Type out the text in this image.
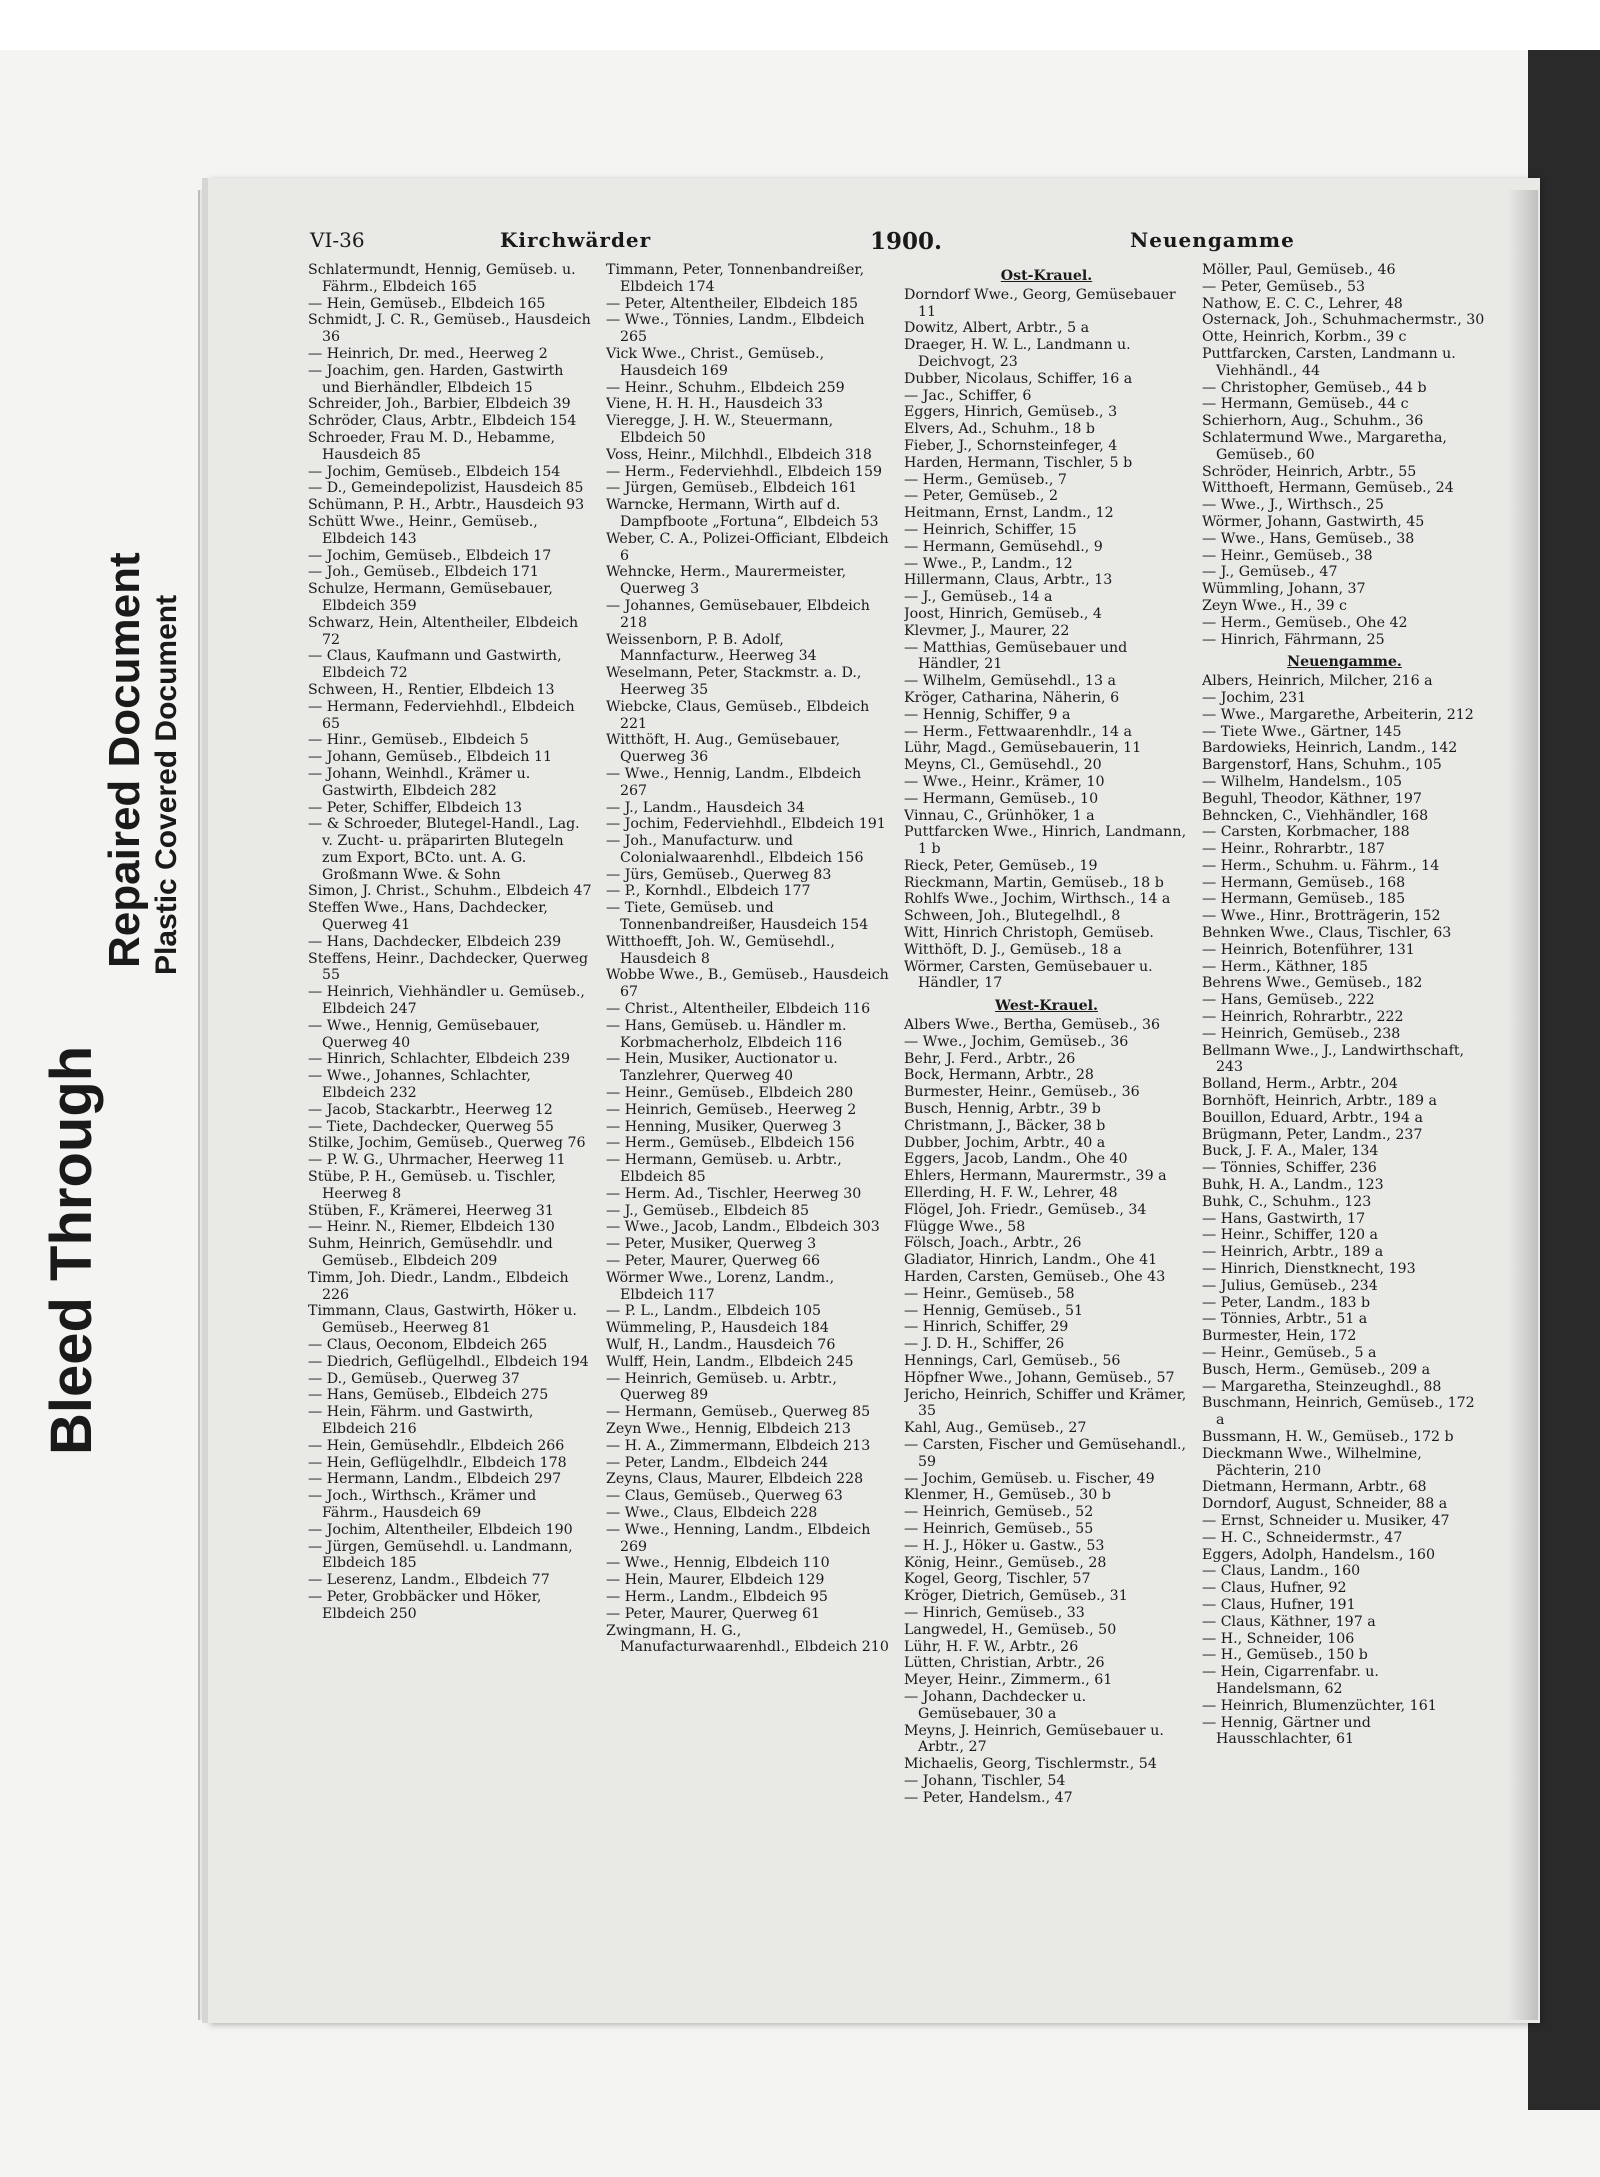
Bleed Through
Repaired Document Plastic Covered Document
VI-36	Kirchwärder	1900.	Neuengamme

Schlatermundt, Hennig, Gemüseb. u. Fährm., Elbdeich 165

— Hein, Gemüseb., Elbdeich 165

Schmidt, J. C. R., Gemüseb., Hausdeich 36

— Heinrich, Dr. med., Heerweg 2

— Joachim, gen. Harden, Gastwirth und Bierhändler, Elbdeich 15

Schreider, Joh., Barbier, Elbdeich 39

Schröder, Claus, Arbtr., Elbdeich 154

Schroeder, Frau M. D., Hebamme, Hausdeich 85

— Jochim, Gemüseb., Elbdeich 154

— D., Gemeindepolizist, Hausdeich 85

Schümann, P. H., Arbtr., Hausdeich 93

Schütt Wwe., Heinr., Gemüseb., Elbdeich 143

— Jochim, Gemüseb., Elbdeich 17

— Joh., Gemüseb., Elbdeich 171

Schulze, Hermann, Gemüsebauer, Elbdeich 359

Schwarz, Hein, Altentheiler, Elbdeich 72

— Claus, Kaufmann und Gastwirth, Elbdeich 72

Schween, H., Rentier, Elbdeich 13

— Hermann, Federviehhdl., Elbdeich 65

— Hinr., Gemüseb., Elbdeich 5

— Johann, Gemüseb., Elbdeich 11

— Johann, Weinhdl., Krämer u. Gastwirth, Elbdeich 282

— Peter, Schiffer, Elbdeich 13

— & Schroeder, Blutegel-Handl., Lag. v. Zucht- u. präparirten Blutegeln zum Export, BCto. unt. A. G. Großmann Wwe. & Sohn

Simon, J. Christ., Schuhm., Elbdeich 47

Steffen Wwe., Hans, Dachdecker, Querweg 41

— Hans, Dachdecker, Elbdeich 239

Steffens, Heinr., Dachdecker, Querweg 55

— Heinrich, Viehhändler u. Gemüseb., Elbdeich 247

— Wwe., Hennig, Gemüsebauer, Querweg 40

— Hinrich, Schlachter, Elbdeich 239

— Wwe., Johannes, Schlachter, Elbdeich 232

— Jacob, Stackarbtr., Heerweg 12

— Tiete, Dachdecker, Querweg 55

Stilke, Jochim, Gemüseb., Querweg 76

— P. W. G., Uhrmacher, Heerweg 11

Stübe, P. H., Gemüseb. u. Tischler, Heerweg 8

Stüben, F., Krämerei, Heerweg 31

— Heinr. N., Riemer, Elbdeich 130

Suhm, Heinrich, Gemüsehdlr. und Gemüseb., Elbdeich 209

Timm, Joh. Diedr., Landm., Elbdeich 226

Timmann, Claus, Gastwirth, Höker u. Gemüseb., Heerweg 81

— Claus, Oeconom, Elbdeich 265

— Diedrich, Geflügelhdl., Elbdeich 194

— D., Gemüseb., Querweg 37

— Hans, Gemüseb., Elbdeich 275

— Hein, Fährm. und Gastwirth, Elbdeich 216

— Hein, Gemüsehdlr., Elbdeich 266

— Hein, Geflügelhdlr., Elbdeich 178

— Hermann, Landm., Elbdeich 297

— Joch., Wirthsch., Krämer und Fährm., Hausdeich 69

— Jochim, Altentheiler, Elbdeich 190

— Jürgen, Gemüsehdl. u. Landmann, Elbdeich 185

— Leserenz, Landm., Elbdeich 77

— Peter, Grobbäcker und Höker, Elbdeich 250

Timmann, Peter, Tonnenbandreißer, Elbdeich 174

— Peter, Altentheiler, Elbdeich 185

— Wwe., Tönnies, Landm., Elbdeich 265

Vick Wwe., Christ., Gemüseb., Hausdeich 169

— Heinr., Schuhm., Elbdeich 259

Viene, H. H. H., Hausdeich 33

Vieregge, J. H. W., Steuermann, Elbdeich 50

Voss, Heinr., Milchhdl., Elbdeich 318

— Herm., Federviehhdl., Elbdeich 159

— Jürgen, Gemüseb., Elbdeich 161

Warncke, Hermann, Wirth auf d. Dampfboote „Fortuna“, Elbdeich 53

Weber, C. A., Polizei-Officiant, Elbdeich 6

Wehncke, Herm., Maurermeister, Querweg 3

— Johannes, Gemüsebauer, Elbdeich 218

Weissenborn, P. B. Adolf, Mannfacturw., Heerweg 34

Weselmann, Peter, Stackmstr. a. D., Heerweg 35

Wiebcke, Claus, Gemüseb., Elbdeich 221

Witthöft, H. Aug., Gemüsebauer, Querweg 36

— Wwe., Hennig, Landm., Elbdeich 267

— J., Landm., Hausdeich 34

— Jochim, Federviehhdl., Elbdeich 191

— Joh., Manufacturw. und Colonialwaarenhdl., Elbdeich 156

— Jürs, Gemüseb., Querweg 83

— P., Kornhdl., Elbdeich 177

— Tiete, Gemüseb. und Tonnenbandreißer, Hausdeich 154

Witthoefft, Joh. W., Gemüsehdl., Hausdeich 8

Wobbe Wwe., B., Gemüseb., Hausdeich 67

— Christ., Altentheiler, Elbdeich 116

— Hans, Gemüseb. u. Händler m. Korbmacherholz, Elbdeich 116

— Hein, Musiker, Auctionator u. Tanzlehrer, Querweg 40

— Heinr., Gemüseb., Elbdeich 280

— Heinrich, Gemüseb., Heerweg 2

— Henning, Musiker, Querweg 3

— Herm., Gemüseb., Elbdeich 156

— Hermann, Gemüseb. u. Arbtr., Elbdeich 85

— Herm. Ad., Tischler, Heerweg 30

— J., Gemüseb., Elbdeich 85

— Wwe., Jacob, Landm., Elbdeich 303

— Peter, Musiker, Querweg 3

— Peter, Maurer, Querweg 66

Wörmer Wwe., Lorenz, Landm., Elbdeich 117

— P. L., Landm., Elbdeich 105

Wümmeling, P., Hausdeich 184

Wulf, H., Landm., Hausdeich 76

Wulff, Hein, Landm., Elbdeich 245

— Heinrich, Gemüseb. u. Arbtr., Querweg 89

— Hermann, Gemüseb., Querweg 85

Zeyn Wwe., Hennig, Elbdeich 213

— H. A., Zimmermann, Elbdeich 213

— Peter, Landm., Elbdeich 244

Zeyns, Claus, Maurer, Elbdeich 228

— Claus, Gemüseb., Querweg 63

— Wwe., Claus, Elbdeich 228

— Wwe., Henning, Landm., Elbdeich 269

— Wwe., Hennig, Elbdeich 110

— Hein, Maurer, Elbdeich 129

— Herm., Landm., Elbdeich 95

— Peter, Maurer, Querweg 61

Zwingmann, H. G., Manufacturwaarenhdl., Elbdeich 210

Ost-Krauel.

Dorndorf Wwe., Georg, Gemüsebauer 11

Dowitz, Albert, Arbtr., 5 a

Draeger, H. W. L., Landmann u. Deichvogt, 23

Dubber, Nicolaus, Schiffer, 16 a

— Jac., Schiffer, 6

Eggers, Hinrich, Gemüseb., 3

Elvers, Ad., Schuhm., 18 b

Fieber, J., Schornsteinfeger, 4

Harden, Hermann, Tischler, 5 b

— Herm., Gemüseb., 7

— Peter, Gemüseb., 2

Heitmann, Ernst, Landm., 12

— Heinrich, Schiffer, 15

— Hermann, Gemüsehdl., 9

— Wwe., P., Landm., 12

Hillermann, Claus, Arbtr., 13

— J., Gemüseb., 14 a

Joost, Hinrich, Gemüseb., 4

Klevmer, J., Maurer, 22

— Matthias, Gemüsebauer und Händler, 21

— Wilhelm, Gemüsehdl., 13 a

Kröger, Catharina, Näherin, 6

— Hennig, Schiffer, 9 a

— Herm., Fettwaarenhdlr., 14 a

Lühr, Magd., Gemüsebauerin, 11

Meyns, Cl., Gemüsehdl., 20

— Wwe., Heinr., Krämer, 10

— Hermann, Gemüseb., 10

Vinnau, C., Grünhöker, 1 a

Puttfarcken Wwe., Hinrich, Landmann, 1 b

Rieck, Peter, Gemüseb., 19

Rieckmann, Martin, Gemüseb., 18 b

Rohlfs Wwe., Jochim, Wirthsch., 14 a

Schween, Joh., Blutegelhdl., 8

Witt, Hinrich Christoph, Gemüseb.

Witthöft, D. J., Gemüseb., 18 a

Wörmer, Carsten, Gemüsebauer u. Händler, 17

West-Krauel.

Albers Wwe., Bertha, Gemüseb., 36

— Wwe., Jochim, Gemüseb., 36

Behr, J. Ferd., Arbtr., 26

Bock, Hermann, Arbtr., 28

Burmester, Heinr., Gemüseb., 36

Busch, Hennig, Arbtr., 39 b

Christmann, J., Bäcker, 38 b

Dubber, Jochim, Arbtr., 40 a

Eggers, Jacob, Landm., Ohe 40

Ehlers, Hermann, Maurermstr., 39 a

Ellerding, H. F. W., Lehrer, 48

Flögel, Joh. Friedr., Gemüseb., 34

Flügge Wwe., 58

Fölsch, Joach., Arbtr., 26

Gladiator, Hinrich, Landm., Ohe 41

Harden, Carsten, Gemüseb., Ohe 43

— Heinr., Gemüseb., 58

— Hennig, Gemüseb., 51

— Hinrich, Schiffer, 29

— J. D. H., Schiffer, 26

Hennings, Carl, Gemüseb., 56

Höpfner Wwe., Johann, Gemüseb., 57

Jericho, Heinrich, Schiffer und Krämer, 35

Kahl, Aug., Gemüseb., 27

— Carsten, Fischer und Gemüsehandl., 59

— Jochim, Gemüseb. u. Fischer, 49

Klenmer, H., Gemüseb., 30 b

— Heinrich, Gemüseb., 52

— Heinrich, Gemüseb., 55

— H. J., Höker u. Gastw., 53

König, Heinr., Gemüseb., 28

Kogel, Georg, Tischler, 57

Kröger, Dietrich, Gemüseb., 31

— Hinrich, Gemüseb., 33

Langwedel, H., Gemüseb., 50

Lühr, H. F. W., Arbtr., 26

Lütten, Christian, Arbtr., 26

Meyer, Heinr., Zimmerm., 61

— Johann, Dachdecker u. Gemüsebauer, 30 a

Meyns, J. Heinrich, Gemüsebauer u. Arbtr., 27

Michaelis, Georg, Tischlermstr., 54

— Johann, Tischler, 54

— Peter, Handelsm., 47

Möller, Paul, Gemüseb., 46

— Peter, Gemüseb., 53

Nathow, E. C. C., Lehrer, 48

Osternack, Joh., Schuhmachermstr., 30

Otte, Heinrich, Korbm., 39 c

Puttfarcken, Carsten, Landmann u. Viehhändl., 44

— Christopher, Gemüseb., 44 b

— Hermann, Gemüseb., 44 c

Schierhorn, Aug., Schuhm., 36

Schlatermund Wwe., Margaretha, Gemüseb., 60

Schröder, Heinrich, Arbtr., 55

Witthoeft, Hermann, Gemüseb., 24

— Wwe., J., Wirthsch., 25

Wörmer, Johann, Gastwirth, 45

— Wwe., Hans, Gemüseb., 38

— Heinr., Gemüseb., 38

— J., Gemüseb., 47

Wümmling, Johann, 37

Zeyn Wwe., H., 39 c

— Herm., Gemüseb., Ohe 42

— Hinrich, Fährmann, 25

Neuengamme.

Albers, Heinrich, Milcher, 216 a

— Jochim, 231

— Wwe., Margarethe, Arbeiterin, 212

— Tiete Wwe., Gärtner, 145

Bardowieks, Heinrich, Landm., 142

Bargenstorf, Hans, Schuhm., 105

— Wilhelm, Handelsm., 105

Beguhl, Theodor, Käthner, 197

Behncken, C., Viehhändler, 168

— Carsten, Korbmacher, 188

— Heinr., Rohrarbtr., 187

— Herm., Schuhm. u. Fährm., 14

— Hermann, Gemüseb., 168

— Hermann, Gemüseb., 185

— Wwe., Hinr., Brotträgerin, 152

Behnken Wwe., Claus, Tischler, 63

— Heinrich, Botenführer, 131

— Herm., Käthner, 185

Behrens Wwe., Gemüseb., 182

— Hans, Gemüseb., 222

— Heinrich, Rohrarbtr., 222

— Heinrich, Gemüseb., 238

Bellmann Wwe., J., Landwirthschaft, 243

Bolland, Herm., Arbtr., 204

Bornhöft, Heinrich, Arbtr., 189 a

Bouillon, Eduard, Arbtr., 194 a

Brügmann, Peter, Landm., 237

Buck, J. F. A., Maler, 134

— Tönnies, Schiffer, 236

Buhk, H. A., Landm., 123

Buhk, C., Schuhm., 123

— Hans, Gastwirth, 17

— Heinr., Schiffer, 120 a

— Heinrich, Arbtr., 189 a

— Hinrich, Dienstknecht, 193

— Julius, Gemüseb., 234

— Peter, Landm., 183 b

— Tönnies, Arbtr., 51 a

Burmester, Hein, 172

— Heinr., Gemüseb., 5 a

Busch, Herm., Gemüseb., 209 a

— Margaretha, Steinzeughdl., 88

Buschmann, Heinrich, Gemüseb., 172 a

Bussmann, H. W., Gemüseb., 172 b

Dieckmann Wwe., Wilhelmine, Pächterin, 210

Dietmann, Hermann, Arbtr., 68

Dorndorf, August, Schneider, 88 a

— Ernst, Schneider u. Musiker, 47

— H. C., Schneidermstr., 47

Eggers, Adolph, Handelsm., 160

— Claus, Landm., 160

— Claus, Hufner, 92

— Claus, Hufner, 191

— Claus, Käthner, 197 a

— H., Schneider, 106

— H., Gemüseb., 150 b

— Hein, Cigarrenfabr. u. Handelsmann, 62

— Heinrich, Blumenzüchter, 161

— Hennig, Gärtner und Hausschlachter, 61
